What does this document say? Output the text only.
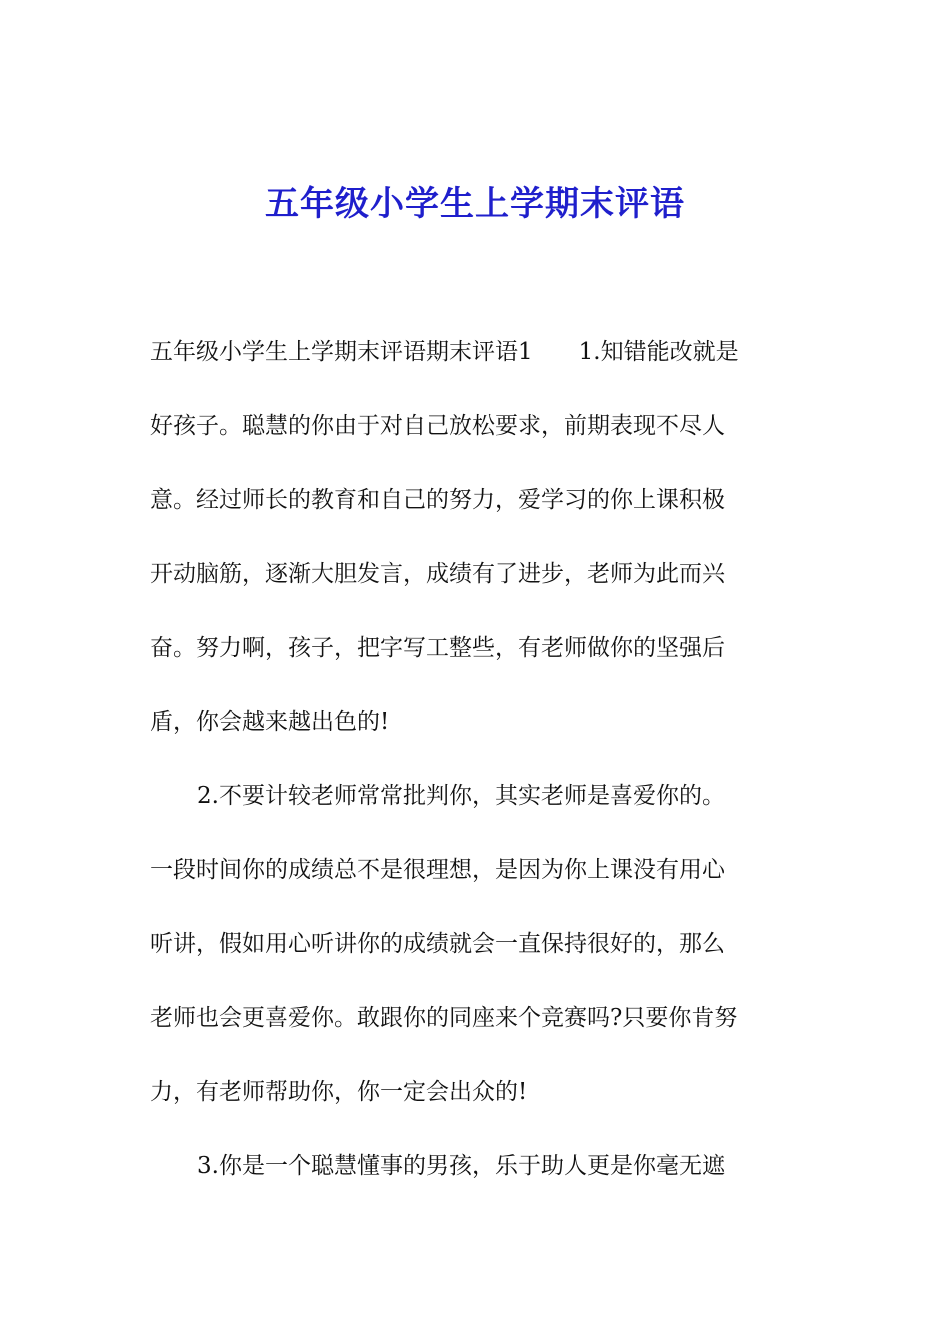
五年级小学生上学期末评语

五年级小学生上学期末评语期末评语1　　1.知错能改就是

好孩子。聪慧的你由于对自己放松要求，前期表现不尽人

意。经过师长的教育和自己的努力，爱学习的你上课积极

开动脑筋，逐渐大胆发言，成绩有了进步，老师为此而兴

奋。努力啊，孩子，把字写工整些，有老师做你的坚强后

盾，你会越来越出色的!

2.不要计较老师常常批判你，其实老师是喜爱你的。

一段时间你的成绩总不是很理想，是因为你上课没有用心

听讲，假如用心听讲你的成绩就会一直保持很好的，那么

老师也会更喜爱你。敢跟你的同座来个竞赛吗?只要你肯努

力，有老师帮助你，你一定会出众的!

3.你是一个聪慧懂事的男孩，乐于助人更是你毫无遮
